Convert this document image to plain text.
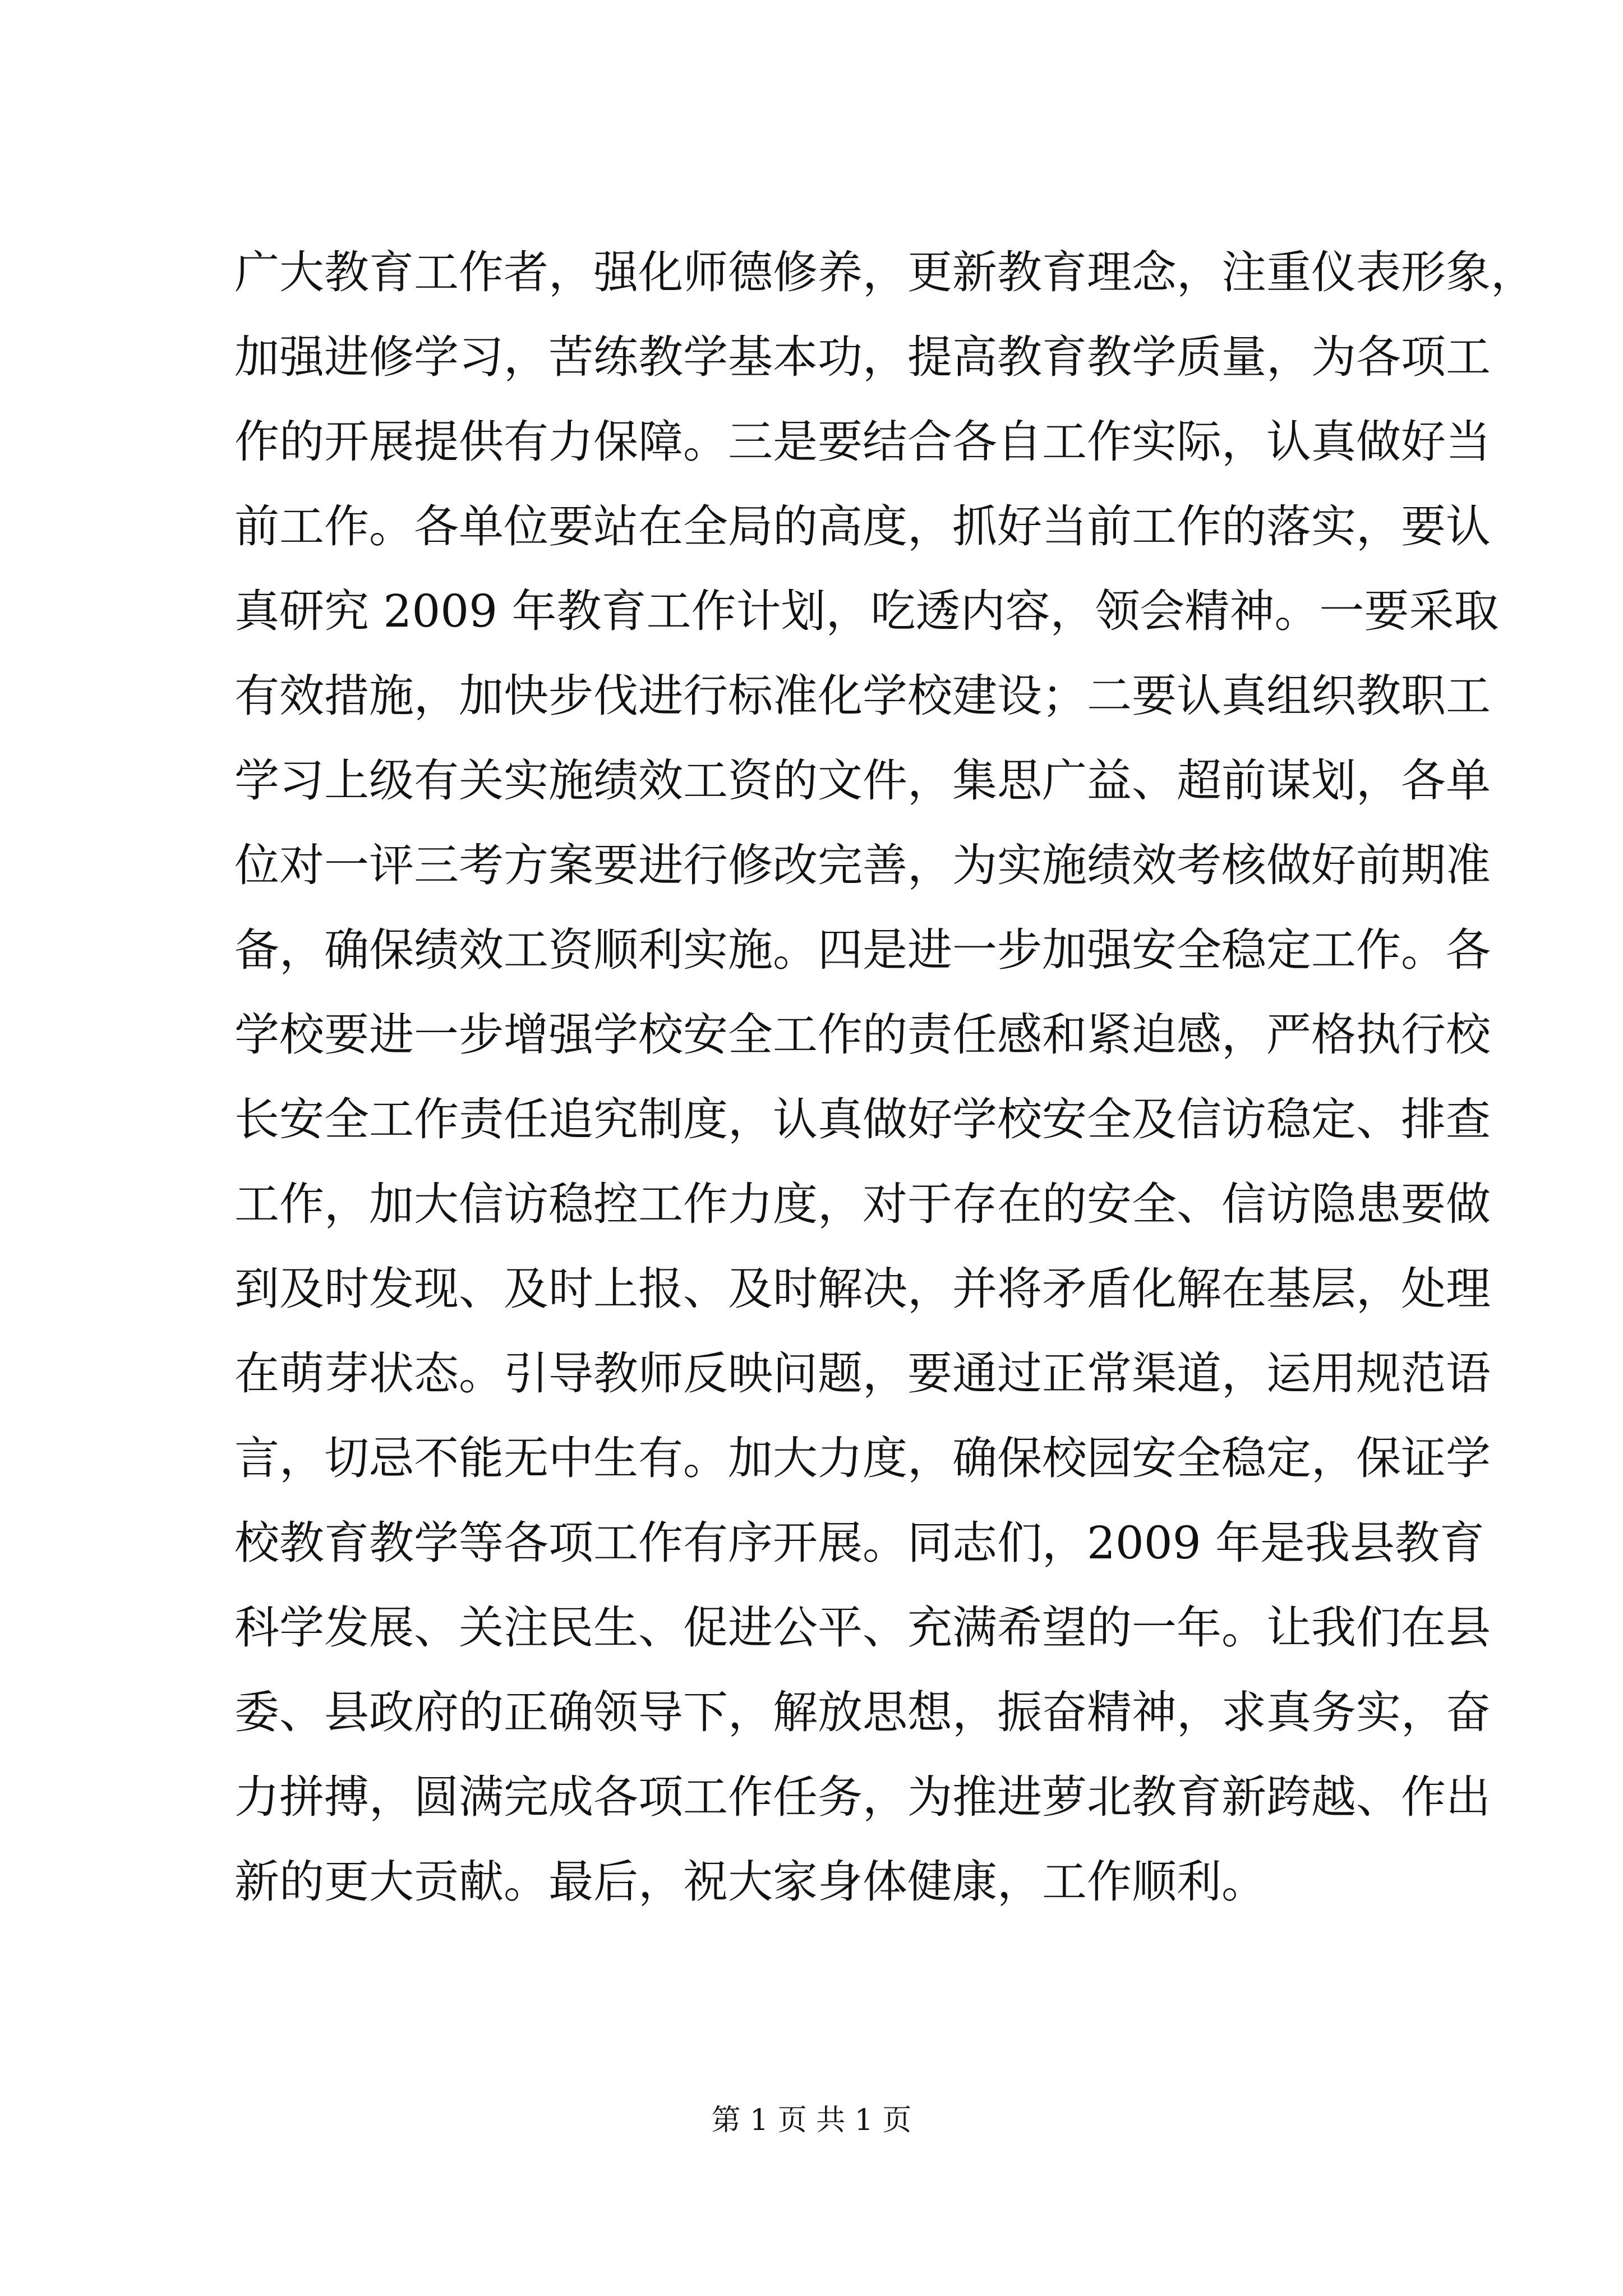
广大教育工作者，强化师德修养，更新教育理念，注重仪表形象，
加强进修学习，苦练教学基本功，提高教育教学质量，为各项工
作的开展提供有力保障。三是要结合各自工作实际，认真做好当
前工作。各单位要站在全局的高度，抓好当前工作的落实，要认
真研究 2009 年教育工作计划，吃透内容，领会精神。一要采取
有效措施，加快步伐进行标准化学校建设；二要认真组织教职工
学习上级有关实施绩效工资的文件，集思广益、超前谋划，各单
位对一评三考方案要进行修改完善，为实施绩效考核做好前期准
备，确保绩效工资顺利实施。四是进一步加强安全稳定工作。各
学校要进一步增强学校安全工作的责任感和紧迫感，严格执行校
长安全工作责任追究制度，认真做好学校安全及信访稳定、排查
工作，加大信访稳控工作力度，对于存在的安全、信访隐患要做
到及时发现、及时上报、及时解决，并将矛盾化解在基层，处理
在萌芽状态。引导教师反映问题，要通过正常渠道，运用规范语
言，切忌不能无中生有。加大力度，确保校园安全稳定，保证学
校教育教学等各项工作有序开展。同志们，2009 年是我县教育
科学发展、关注民生、促进公平、充满希望的一年。让我们在县
委、县政府的正确领导下，解放思想，振奋精神，求真务实，奋
力拼搏，圆满完成各项工作任务，为推进萝北教育新跨越、作出
新的更大贡献。最后，祝大家身体健康，工作顺利。
第 1 页 共 1 页
